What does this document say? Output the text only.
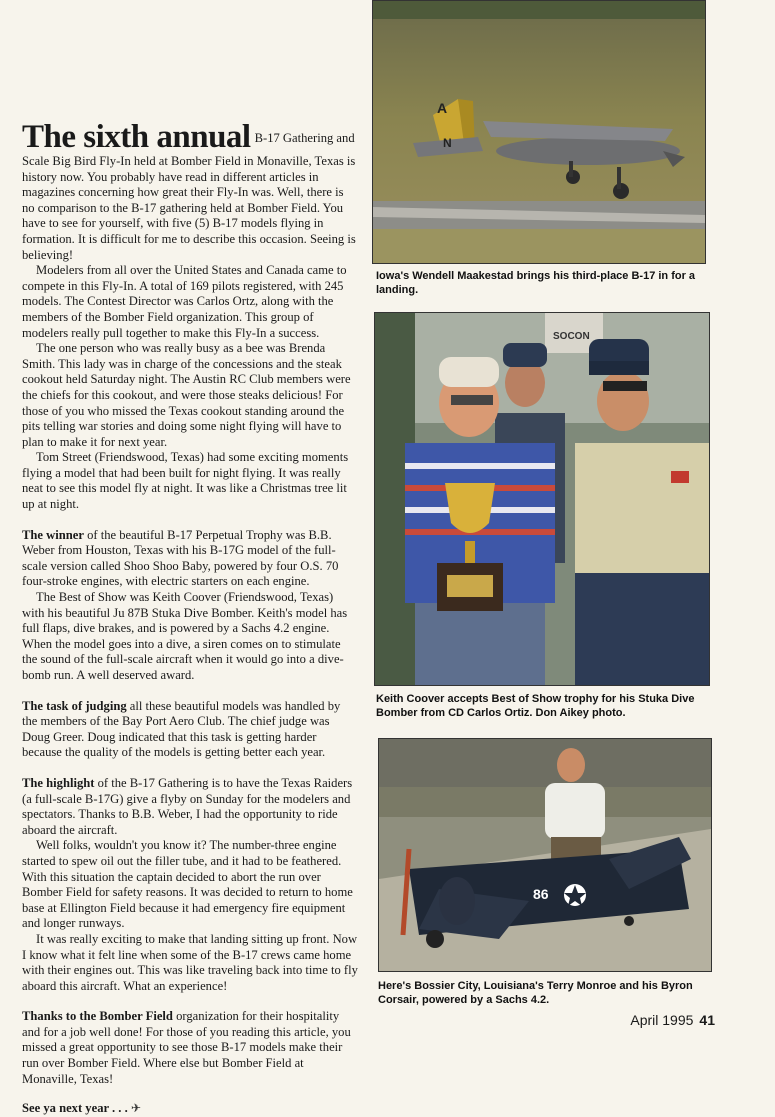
The sixth annual B-17 Gathering and Scale Big Bird Fly-In held at Bomber Field in Monaville, Texas is history now. You probably have read in different articles in magazines concerning how great their Fly-In was. Well, there is no comparison to the B-17 gathering held at Bomber Field. You have to see for yourself, with five (5) B-17 models flying in formation. It is difficult for me to describe this occasion. Seeing is believing!

Modelers from all over the United States and Canada came to compete in this Fly-In. A total of 169 pilots registered, with 245 models. The Contest Director was Carlos Ortz, along with the members of the Bomber Field organization. This group of modelers really pull together to make this Fly-In a success.

The one person who was really busy as a bee was Brenda Smith. This lady was in charge of the concessions and the steak cookout held Saturday night. The Austin RC Club members were the chiefs for this cookout, and were those steaks delicious! For those of you who missed the Texas cookout standing around the pits telling war stories and doing some night flying will have to plan to make it for next year.

Tom Street (Friendswood, Texas) had some exciting moments flying a model that had been built for night flying. It was really neat to see this model fly at night. It was like a Christmas tree lit up at night.

The winner of the beautiful B-17 Perpetual Trophy was B.B. Weber from Houston, Texas with his B-17G model of the full-scale version called Shoo Shoo Baby, powered by four O.S. 70 four-stroke engines, with electric starters on each engine.

The Best of Show was Keith Coover (Friendswood, Texas) with his beautiful Ju 87B Stuka Dive Bomber. Keith's model has full flaps, dive brakes, and is powered by a Sachs 4.2 engine. When the model goes into a dive, a siren comes on to stimulate the sound of the full-scale aircraft when it would go into a dive-bomb run. A well deserved award.

The task of judging all these beautiful models was handled by the members of the Bay Port Aero Club. The chief judge was Doug Greer. Doug indicated that this task is getting harder because the quality of the models is getting better each year.

The highlight of the B-17 Gathering is to have the Texas Raiders (a full-scale B-17G) give a flyby on Sunday for the modelers and spectators. Thanks to B.B. Weber, I had the opportunity to ride aboard the aircraft.

Well folks, wouldn't you know it? The number-three engine started to spew oil out the filler tube, and it had to be feathered. With this situation the captain decided to abort the run over Bomber Field for safety reasons. It was decided to return to home base at Ellington Field because it had emergency fire equipment and longer runways.

It was really exciting to make that landing sitting up front. Now I know what it felt line when some of the B-17 crews came home with their engines out. This was like traveling back into time to fly aboard this aircraft. What an experience!

Thanks to the Bomber Field organization for their hospitality and for a job well done! For those of you reading this article, you missed a great opportunity to see those B-17 models make their run over Bomber Field. Where else but Bomber Field at Monaville, Texas!

See ya next year . . . ✈

A
N
Iowa's Wendell Maakestad brings his third-place B-17 in for a landing.
SOCON
Keith Coover accepts Best of Show trophy for his Stuka Dive Bomber from CD Carlos Ortiz. Don Aikey photo.
86
Here's Bossier City, Louisiana's Terry Monroe and his Byron Corsair, powered by a Sachs 4.2.
April 1995 41
